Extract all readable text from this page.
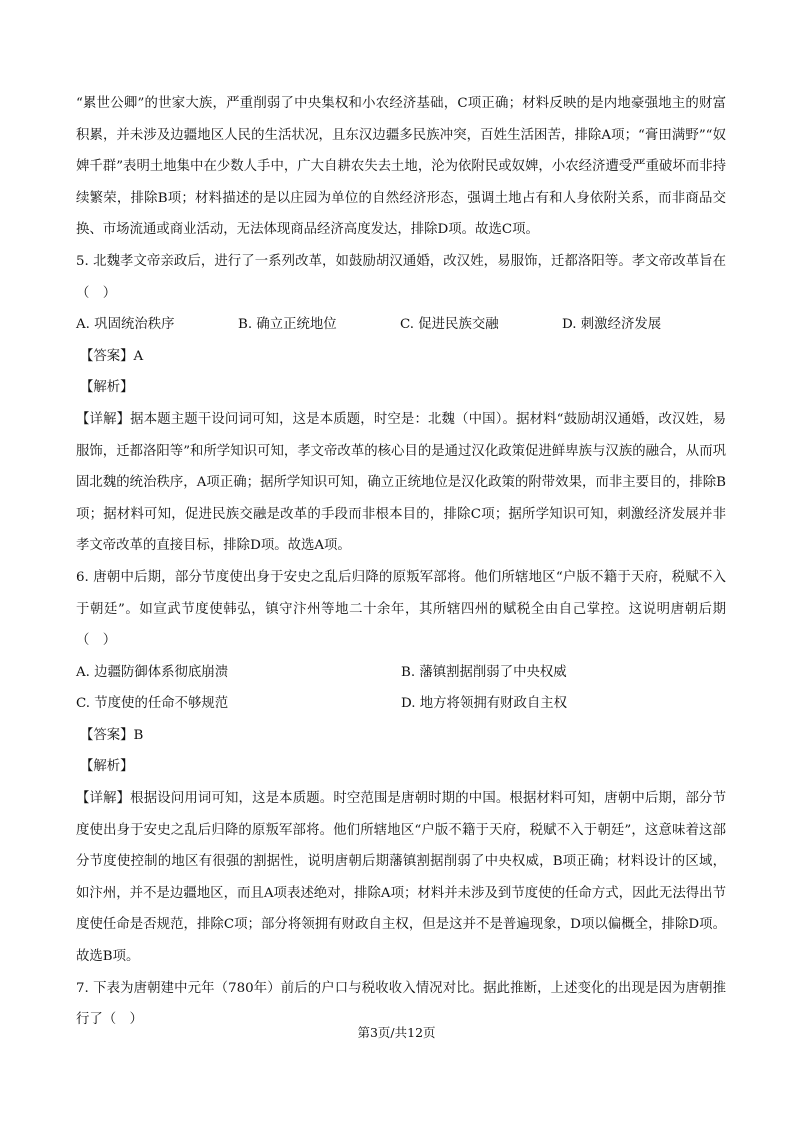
“累世公卿”的世家大族，严重削弱了中央集权和小农经济基础，C项正确；材料反映的是内地豪强地主的财富积累，并未涉及边疆地区人民的生活状况，且东汉边疆多民族冲突，百姓生活困苦，排除A项；“膏田满野”“奴婢千群”表明土地集中在少数人手中，广大自耕农失去土地，沦为依附民或奴婢，小农经济遭受严重破坏而非持续繁荣，排除B项；材料描述的是以庄园为单位的自然经济形态，强调土地占有和人身依附关系，而非商品交换、市场流通或商业活动，无法体现商品经济高度发达，排除D项。故选C项。

5. 北魏孝文帝亲政后，进行了一系列改革，如鼓励胡汉通婚，改汉姓，易服饰，迁都洛阳等。孝文帝改革旨在（　）

A. 巩固统治秩序	B. 确立正统地位	C. 促进民族交融	D. 刺激经济发展

【答案】A

【解析】

【详解】据本题主题干设问词可知，这是本质题，时空是：北魏（中国）。据材料“鼓励胡汉通婚，改汉姓，易服饰，迁都洛阳等”和所学知识可知，孝文帝改革的核心目的是通过汉化政策促进鲜卑族与汉族的融合，从而巩固北魏的统治秩序，A项正确；据所学知识可知，确立正统地位是汉化政策的附带效果，而非主要目的，排除B项；据材料可知，促进民族交融是改革的手段而非根本目的，排除C项；据所学知识可知，刺激经济发展并非孝文帝改革的直接目标，排除D项。故选A项。

6. 唐朝中后期，部分节度使出身于安史之乱后归降的原叛军部将。他们所辖地区“户版不籍于天府，税赋不入于朝廷”。如宣武节度使韩弘，镇守汴州等地二十余年，其所辖四州的赋税全由自己掌控。这说明唐朝后期（　）

A. 边疆防御体系彻底崩溃	B. 藩镇割据削弱了中央权威
C. 节度使的任命不够规范	D. 地方将领拥有财政自主权

【答案】B

【解析】

【详解】根据设问用词可知，这是本质题。时空范围是唐朝时期的中国。根据材料可知，唐朝中后期，部分节度使出身于安史之乱后归降的原叛军部将。他们所辖地区“户版不籍于天府，税赋不入于朝廷”，这意味着这部分节度使控制的地区有很强的割据性，说明唐朝后期藩镇割据削弱了中央权威，B项正确；材料设计的区域，如汴州，并不是边疆地区，而且A项表述绝对，排除A项；材料并未涉及到节度使的任命方式，因此无法得出节度使任命是否规范，排除C项；部分将领拥有财政自主权，但是这并不是普遍现象，D项以偏概全，排除D项。故选B项。

7. 下表为唐朝建中元年（780年）前后的户口与税收收入情况对比。据此推断，上述变化的出现是因为唐朝推行了（　）

第3页/共12页
